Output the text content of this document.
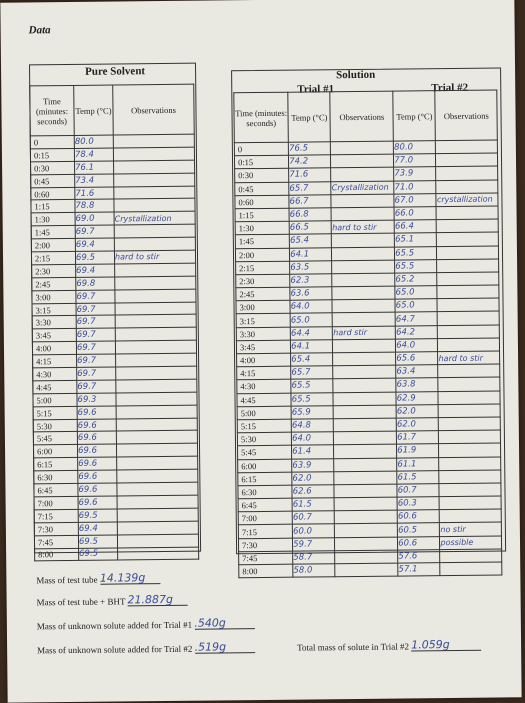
Data
Pure Solvent
Time (minutes: seconds)	Temp (°C)	Observations
0	80.0	
0:15	78.4	
0:30	76.1	
0:45	73.4	
0:60	71.6	
1:15	78.8	
1:30	69.0	Crystallization
1:45	69.7	
2:00	69.4	
2:15	69.5	hard to stir
2:30	69.4	
2:45	69.8	
3:00	69.7	
3:15	69.7	
3:30	69.7	
3:45	69.7	
4:00	69.7	
4:15	69.7	
4:30	69.7	
4:45	69.7	
5:00	69.3	
5:15	69.6	
5:30	69.6	
5:45	69.6	
6:00	69.6	
6:15	69.6	
6:30	69.6	
6:45	69.6	
7:00	69.6	
7:15	69.5	
7:30	69.4	
7:45	69.5	
8:00	69.5	
Solution
Trial #1	Trial #2
Time (minutes: seconds)	Temp (°C)	Observations	Temp (°C)	Observations
0	76.5		80.0	
0:15	74.2		77.0	
0:30	71.6		73.9	
0:45	65.7	Crystallization	71.0	
0:60	66.7		67.0	crystallization
1:15	66.8		66.0	
1:30	66.5	hard to stir	66.4	
1:45	65.4		65.1	
2:00	64.1		65.5	
2:15	63.5		65.5	
2:30	62.3		65.2	
2:45	63.6		65.0	
3:00	64.0		65.0	
3:15	65.0		64.7	
3:30	64.4	hard stir	64.2	
3:45	64.1		64.0	
4:00	65.4		65.6	hard to stir
4:15	65.7		63.4	
4:30	65.5		63.8	
4:45	65.5		62.9	
5:00	65.9		62.0	
5:15	64.8		62.0	
5:30	64.0		61.7	
5:45	61.4		61.9	
6:00	63.9		61.1	
6:15	62.0		61.5	
6:30	62.6		60.7	
6:45	61.5		60.3	
7:00	60.7		60.6	
7:15	60.0		60.5	no stir
7:30	59.7		60.6	possible
7:45	58.7		57.6	
8:00	58.0		57.1	
Mass of test tube 14.139g
Mass of test tube + BHT 21.887g
Mass of unknown solute added for Trial #1 .540g
Mass of unknown solute added for Trial #2 .519g	Total mass of solute in Trial #2 1.059g
